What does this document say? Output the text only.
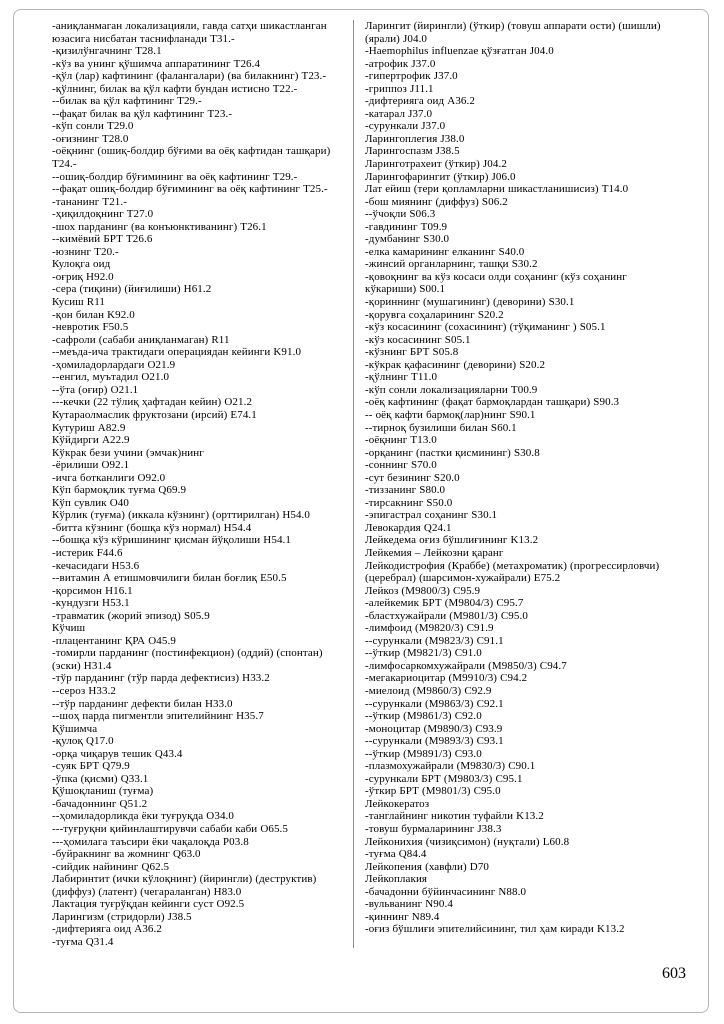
-аниқланмаган локализацияли, гавда сатҳи шикастланган юзасига нисбатан таснифланади T31.-
-қизилўнгачнинг T28.1
-кўз ва унинг қўшимча аппаратининг T26.4
-қўл (лар) кафтининг (фалангалари) (ва билакнинг) T23.-
-қўлнинг, билак ва қўл кафти бундан истисно T22.-
--билак ва қўл кафтининг T29.-
--фақат билак ва қўл кафтининг T23.-
-кўп сонли T29.0
-оғизнинг T28.0
-оёқнинг (ошиқ-болдир бўғими ва оёқ кафтидан ташқари) T24.-
--ошиқ-болдир бўғимининг ва оёқ кафтининг T29.-
--фақат ошиқ-болдир бўғимининг ва оёқ кафтининг T25.-
-тананинг T21.-
-ҳиқилдоқнинг T27.0
-шох парданинг (ва конъюнктиванинг) T26.1
--кимёвий БРТ T26.6
-юзнинг T20.-
Кулоқга оид
-оғриқ H92.0
-сера (тиқини) (йиғилиши) H61.2
Кусиш R11
-қон билан K92.0
-невротик F50.5
-сафроли (сабаби аниқланмаган) R11
--меъда-ича трактидаги операциядан кейинги K91.0
-ҳомиладорлардаги O21.9
--енгил, муътадил O21.0
--ўта (оғир) O21.1
---кечки (22 тўлиқ ҳафтадан кейин) O21.2
Кутараолмаслик фруктозани (ирсий) E74.1
Кутуриш A82.9
Кўйдирги A22.9
Кўкрак бези учини (эмчак)нинг
-ёрилиши O92.1
-ичга ботканлиги O92.0
Кўп бармоқлик туғма Q69.9
Кўп сувлик O40
Кўрлик (туғма) (иккала кўзнинг) (орттирилган) H54.0
-битта кўзнинг (бошқа кўз нормал) H54.4
--бошқа кўз кўришининг қисман йўқолиши H54.1
-истерик F44.6
-кечасидаги H53.6
--витамин А етишмовчилиги билан боғлиқ E50.5
-қорсимон H16.1
-кундузги H53.1
-травматик (жорий эпизод) S05.9
Кўчиш
-плацентанинг ҚРА O45.9
-томирли парданинг (постинфекцион) (оддий) (спонтан) (эски) H31.4
-тўр парданинг (тўр парда дефектисиз) H33.2
--сероз H33.2
--тўр парданинг дефекти билан H33.0
--шоҳ парда пигментли эпителийнинг H35.7
Қўшимча
-қулоқ Q17.0
-орқа чиқарув тешик Q43.4
-суяк БРТ Q79.9
-ўпка (қисми) Q33.1
Қўшоқланиш (туғма)
-бачадоннинг Q51.2
--ҳомиладорликда ёки туғруқда O34.0
---туғруқни қийинлаштирувчи сабаби каби O65.5
---ҳомилага таъсири ёки чақалоқда P03.8
-буйракнинг ва жомнинг Q63.0
-сийдик найининг Q62.5
Лабиринтит (ички кўлоқнинг) (йирингли) (деструктив) (диффуз) (латент) (чегараланган) H83.0
Лактация туғрўқдан кейинги суст O92.5
Ларингизм (стридорли) J38.5
-дифтерияга оид A36.2
-туғма Q31.4
Ларингит (йирингли) (ўткир) (товуш аппарати ости) (шишли) (ярали) J04.0
-Haemophilus influenzae қўзғатган J04.0
-атрофик J37.0
-гипертрофик J37.0
-гриппоз J11.1
-дифтерияга оид A36.2
-катарал J37.0
-сурункали J37.0
Ларингоплегия J38.0
Ларингоспазм J38.5
Ларинготрахеит (ўткир) J04.2
Ларингофарингит (ўткир) J06.0
Лат ейиш (тери қопламларни шикастланишисиз) T14.0
-бош миянинг (диффуз) S06.2
--ўчоқли S06.3
-гавдининг T09.9
-думбанинг S30.0
-елка камарининг елканинг S40.0
-жинсий органларнинг, ташқи S30.2
-қовоқнинг ва кўз косаси олди соҳанинг (кўз соҳанинг кўкариши) S00.1
-қориннинг (мушагининг) (деворини) S30.1
-қорувга соҳаларининг S20.2
-кўз косасининг (сохасининг) (тўқиманинг ) S05.1
-кўз косасининг S05.1
-кўзнинг БРТ S05.8
-кўкрак қафасининг (деворини) S20.2
-қўлнинг T11.0
-кўп сонли локализацияларни T00.9
-оёқ кафтининг (фақат бармоқлардан ташқари) S90.3
-- оёқ кафти бармоқ(лар)нинг S90.1
--тирноқ бузилиши билан S60.1
-оёқнинг T13.0
-орқанинг (пастки қисмининг) S30.8
-соннинг S70.0
-сут безининг S20.0
-тиззанинг S80.0
-тирсакнинг S50.0
-эпигастрал соҳанинг S30.1
Левокардия Q24.1
Лейкедема оғиз бўшлиғининг K13.2
Лейкемия – Лейкозни қаранг
Лейкодистрофия (Краббе) (метахроматик) (прогрессирловчи) (церебрал) (шарсимон-хужайрали) E75.2
Лейкоз (M9800/3) C95.9
-алейкемик БРТ (M9804/3) C95.7
-бластхужайрали (M9801/3) C95.0
-лимфоид (M9820/3) C91.9
--сурункали (M9823/3) C91.1
--ўткир (M9821/3) C91.0
-лимфосаркомхужайрали (M9850/3) C94.7
-мегакариоцитар (M9910/3) C94.2
-миелоид (M9860/3) C92.9
--сурункали (M9863/3) C92.1
--ўткир (M9861/3) C92.0
-моноцитар (M9890/3) C93.9
--сурункали (M9893/3) C93.1
--ўткир (M9891/3) C93.0
-плазмохужайрали (M9830/3) C90.1
-сурункали БРТ (M9803/3) C95.1
-ўткир БРТ (M9801/3) C95.0
Лейкокератоз
-танглайнинг никотин туфайли K13.2
-товуш бурмаларининг J38.3
Лейконихия (чизиқсимон) (нуқтали) L60.8
-туғма Q84.4
Лейкопения (хавфли) D70
Лейкоплакия
-бачадонни бўйинчасининг N88.0
-вульванинг N90.4
-қиннинг N89.4
-оғиз бўшлиғи эпителийсининг, тил ҳам киради K13.2
603
